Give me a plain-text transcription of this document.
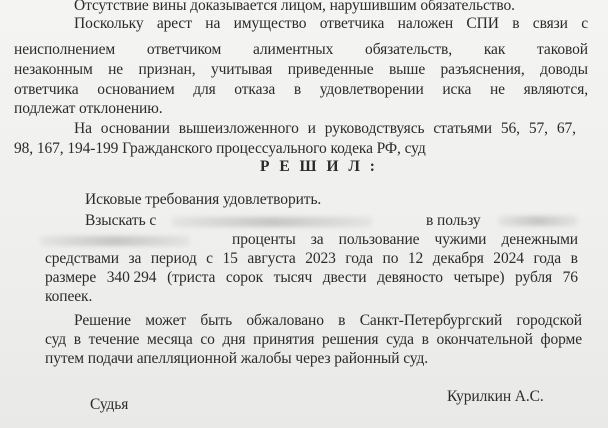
Отсутствие вины доказывается лицом, нарушившим обязательство.
Поскольку арест на имущество ответчика наложен СПИ в связи с
неисполнением ответчиком алиментных обязательств, как таковой
незаконным не признан, учитывая приведенные выше разъяснения, доводы
ответчика основанием для отказа в удовлетворении иска не являются,
подлежат отклонению.
На основании вышеизложенного и руководствуясь статьями 56, 57, 67,
98, 167, 194-199 Гражданского процессуального кодека РФ, суд
Р Е Ш И Л :
Исковые требования удовлетворить.
Взыскать с	в пользу
проценты за пользование чужими денежными
средствами за период с 15 августа 2023 года по 12 декабря 2024 года в
размере 340 294 (триста сорок тысяч двести девяносто четыре) рубля 76
копеек.
Решение может быть обжаловано в Санкт-Петербургский городской
суд в течение месяца со дня принятия решения суда в окончательной форме
путем подачи апелляционной жалобы через районный суд.
Судья	Курилкин А.С.
